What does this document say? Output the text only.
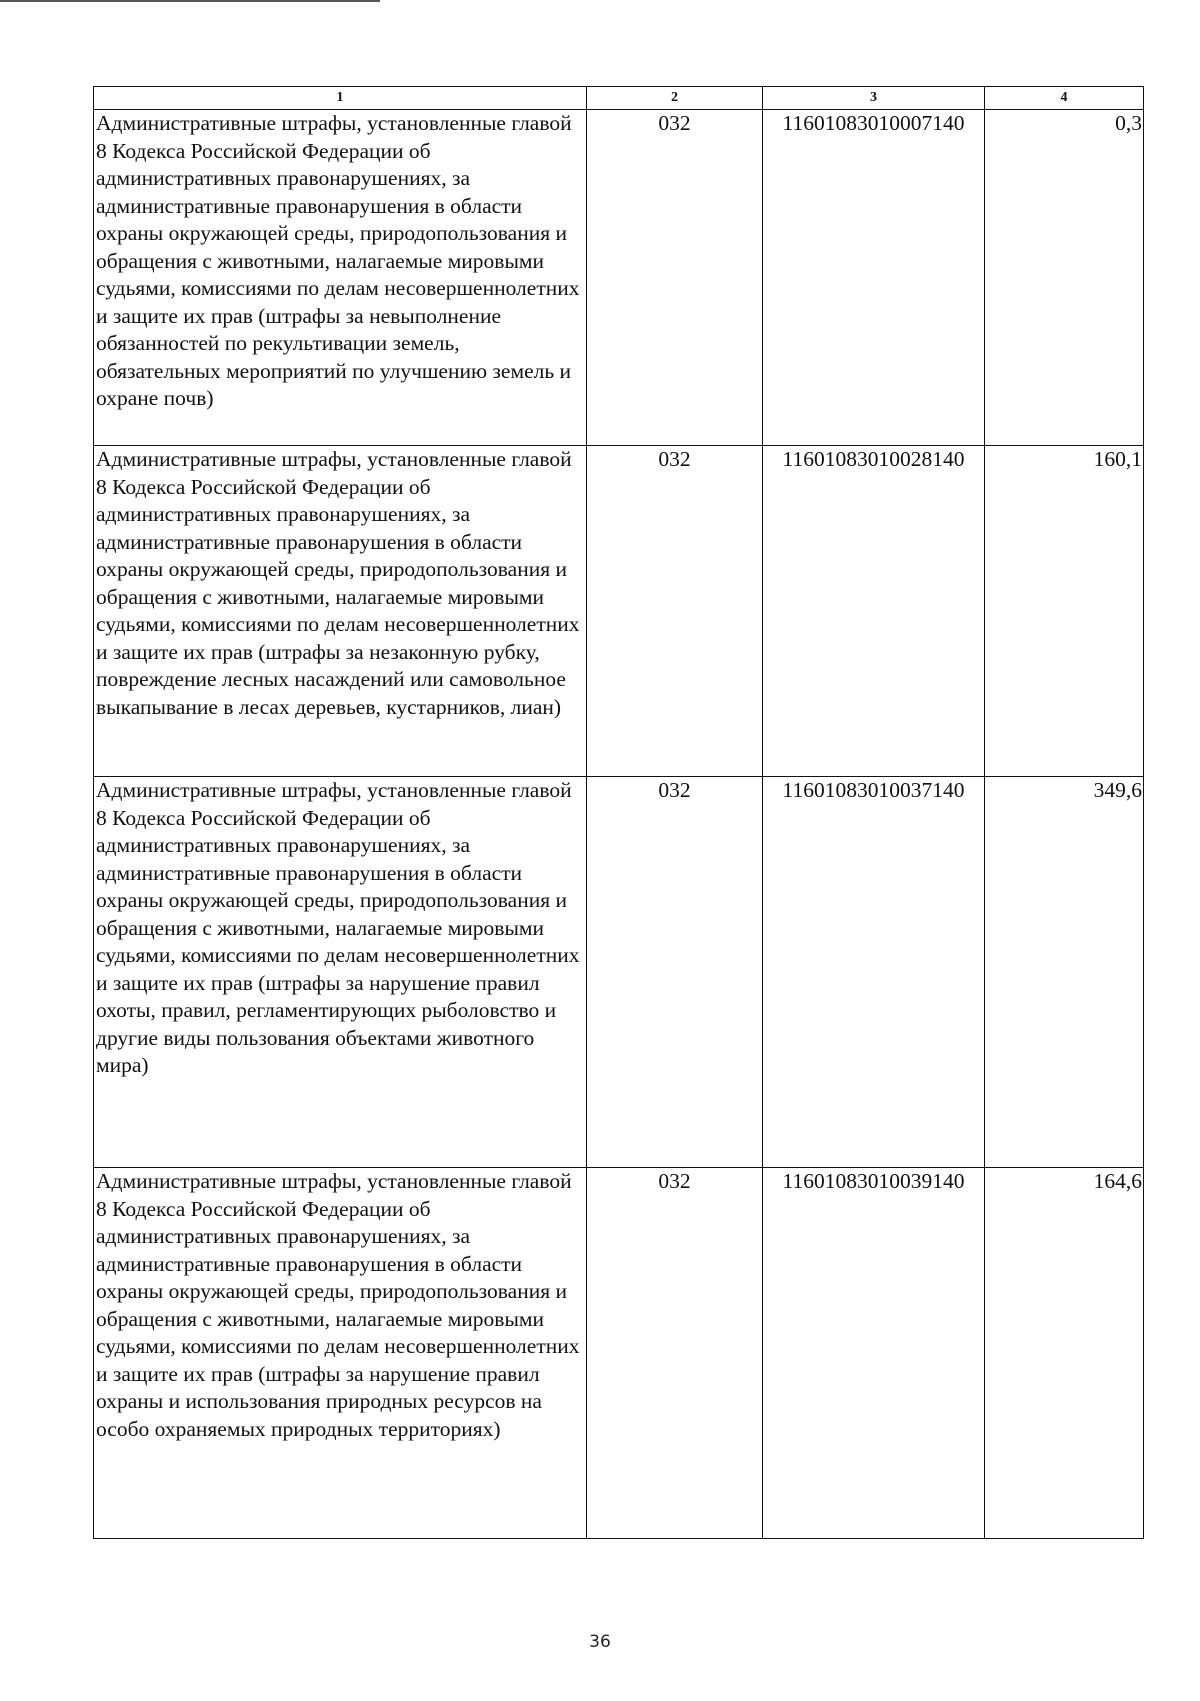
1	2	3	4
Административные штрафы, установленные главой 8 Кодекса Российской Федерации об административных правонарушениях, за административные правонарушения в области охраны окружающей среды, природопользования и обращения с животными, налагаемые мировыми судьями, комиссиями по делам несовершеннолетних и защите их прав (штрафы за невыполнение обязанностей по рекультивации земель, обязательных мероприятий по улучшению земель и охране почв)	032	11601083010007140	0,3
Административные штрафы, установленные главой 8 Кодекса Российской Федерации об административных правонарушениях, за административные правонарушения в области охраны окружающей среды, природопользования и обращения с животными, налагаемые мировыми судьями, комиссиями по делам несовершеннолетних и защите их прав (штрафы за незаконную рубку, повреждение лесных насаждений или самовольное выкапывание в лесах деревьев, кустарников, лиан)	032	11601083010028140	160,1
Административные штрафы, установленные главой 8 Кодекса Российской Федерации об административных правонарушениях, за административные правонарушения в области охраны окружающей среды, природопользования и обращения с животными, налагаемые мировыми судьями, комиссиями по делам несовершеннолетних и защите их прав (штрафы за нарушение правил охоты, правил, регламентирующих рыболовство и другие виды пользования объектами животного мира)	032	11601083010037140	349,6
Административные штрафы, установленные главой 8 Кодекса Российской Федерации об административных правонарушениях, за административные правонарушения в области охраны окружающей среды, природопользования и обращения с животными, налагаемые мировыми судьями, комиссиями по делам несовершеннолетних и защите их прав (штрафы за нарушение правил охраны и использования природных ресурсов на особо охраняемых природных территориях)	032	11601083010039140	164,6
36
